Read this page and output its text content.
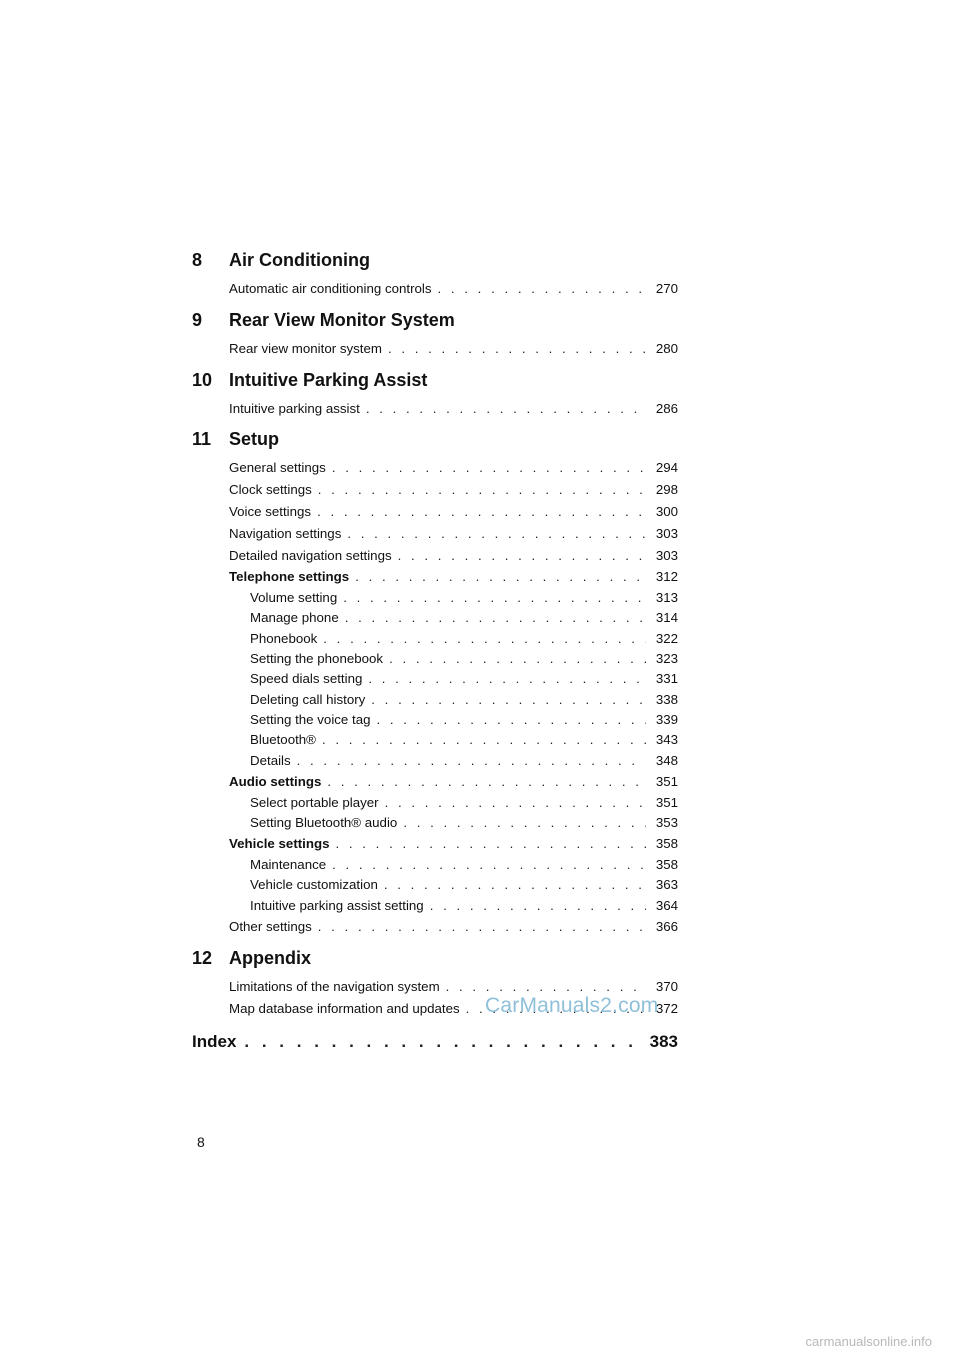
8	Air Conditioning
Automatic air conditioning controls . . .	270
9	Rear View Monitor System
Rear view monitor system . . .	280
10 Intuitive Parking Assist
Intuitive parking assist . . .	286
11 Setup
General settings . . .	294
Clock settings . . .	298
Voice settings . . .	300
Navigation settings . . .	303
Detailed navigation settings . . .	303
Telephone settings . . .	312
Volume setting . . .	313
Manage phone . . .	314
Phonebook . . .	322
Setting the phonebook . . .	323
Speed dials setting . . .	331
Deleting call history . . .	338
Setting the voice tag . . .	339
Bluetooth® . . .	343
Details . . .	348
Audio settings . . .	351
Select portable player . . .	351
Setting Bluetooth® audio . . .	353
Vehicle settings . . .	358
Maintenance . . .	358
Vehicle customization . . .	363
Intuitive parking assist setting . . .	364
Other settings . . .	366
12 Appendix
Limitations of the navigation system . . .	370
Map database information and updates . . .	372
Index . . .	383
CarManuals2.com
8
carmanualsonline.info
